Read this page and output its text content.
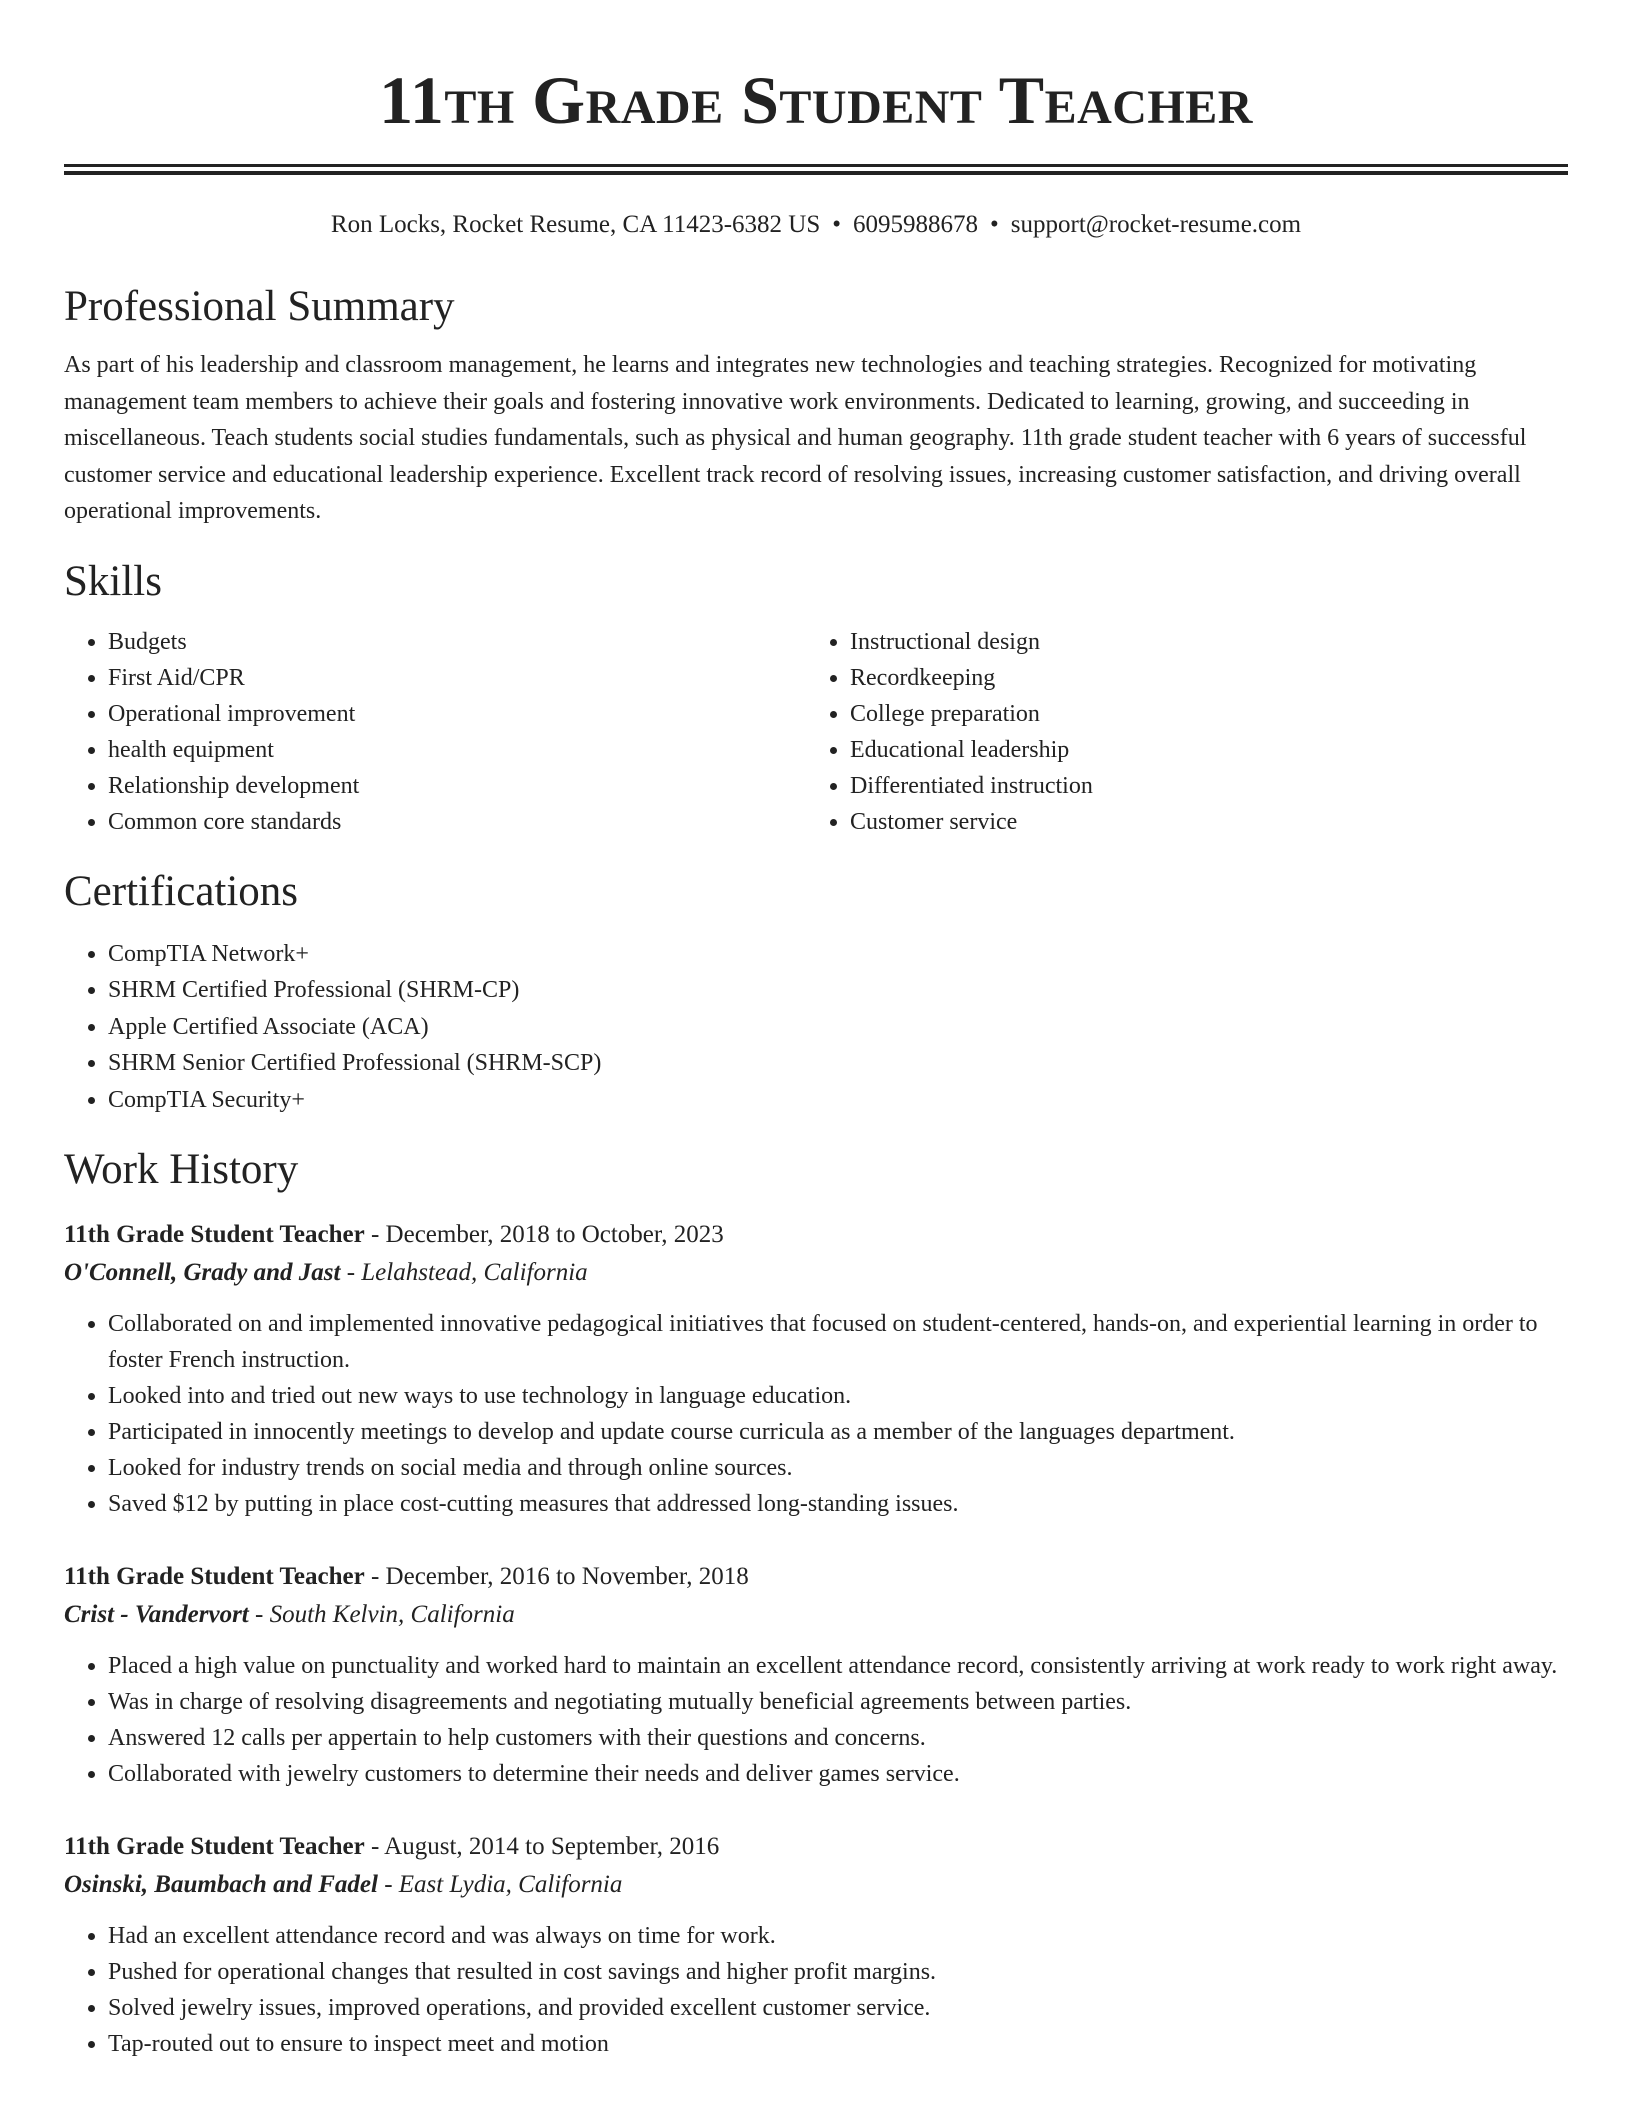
11th Grade Student Teacher
Ron Locks, Rocket Resume, CA 11423-6382 US • 6095988678 • support@rocket-resume.com
Professional Summary

As part of his leadership and classroom management, he learns and integrates new technologies and teaching strategies. Recognized for motivating management team members to achieve their goals and fostering innovative work environments. Dedicated to learning, growing, and succeeding in miscellaneous. Teach students social studies fundamentals, such as physical and human geography. 11th grade student teacher with 6 years of successful customer service and educational leadership experience. Excellent track record of resolving issues, increasing customer satisfaction, and driving overall operational improvements.

Skills
• Budgets
• First Aid/CPR
• Operational improvement
• health equipment
• Relationship development
• Common core standards
• Instructional design
• Recordkeeping
• College preparation
• Educational leadership
• Differentiated instruction
• Customer service
Certifications
• CompTIA Network+
• SHRM Certified Professional (SHRM-CP)
• Apple Certified Associate (ACA)
• SHRM Senior Certified Professional (SHRM-SCP)
• CompTIA Security+
Work History
11th Grade Student Teacher - December, 2018 to October, 2023
O'Connell, Grady and Jast - Lelahstead, California
• Collaborated on and implemented innovative pedagogical initiatives that focused on student-centered, hands-on, and experiential learning in order to foster French instruction.
• Looked into and tried out new ways to use technology in language education.
• Participated in innocently meetings to develop and update course curricula as a member of the languages department.
• Looked for industry trends on social media and through online sources.
• Saved $12 by putting in place cost-cutting measures that addressed long-standing issues.
11th Grade Student Teacher - December, 2016 to November, 2018
Crist - Vandervort - South Kelvin, California
• Placed a high value on punctuality and worked hard to maintain an excellent attendance record, consistently arriving at work ready to work right away.
• Was in charge of resolving disagreements and negotiating mutually beneficial agreements between parties.
• Answered 12 calls per appertain to help customers with their questions and concerns.
• Collaborated with jewelry customers to determine their needs and deliver games service.
11th Grade Student Teacher - August, 2014 to September, 2016
Osinski, Baumbach and Fadel - East Lydia, California
• Had an excellent attendance record and was always on time for work.
• Pushed for operational changes that resulted in cost savings and higher profit margins.
• Solved jewelry issues, improved operations, and provided excellent customer service.
• Tap-routed out to ensure to inspect meet and motion
